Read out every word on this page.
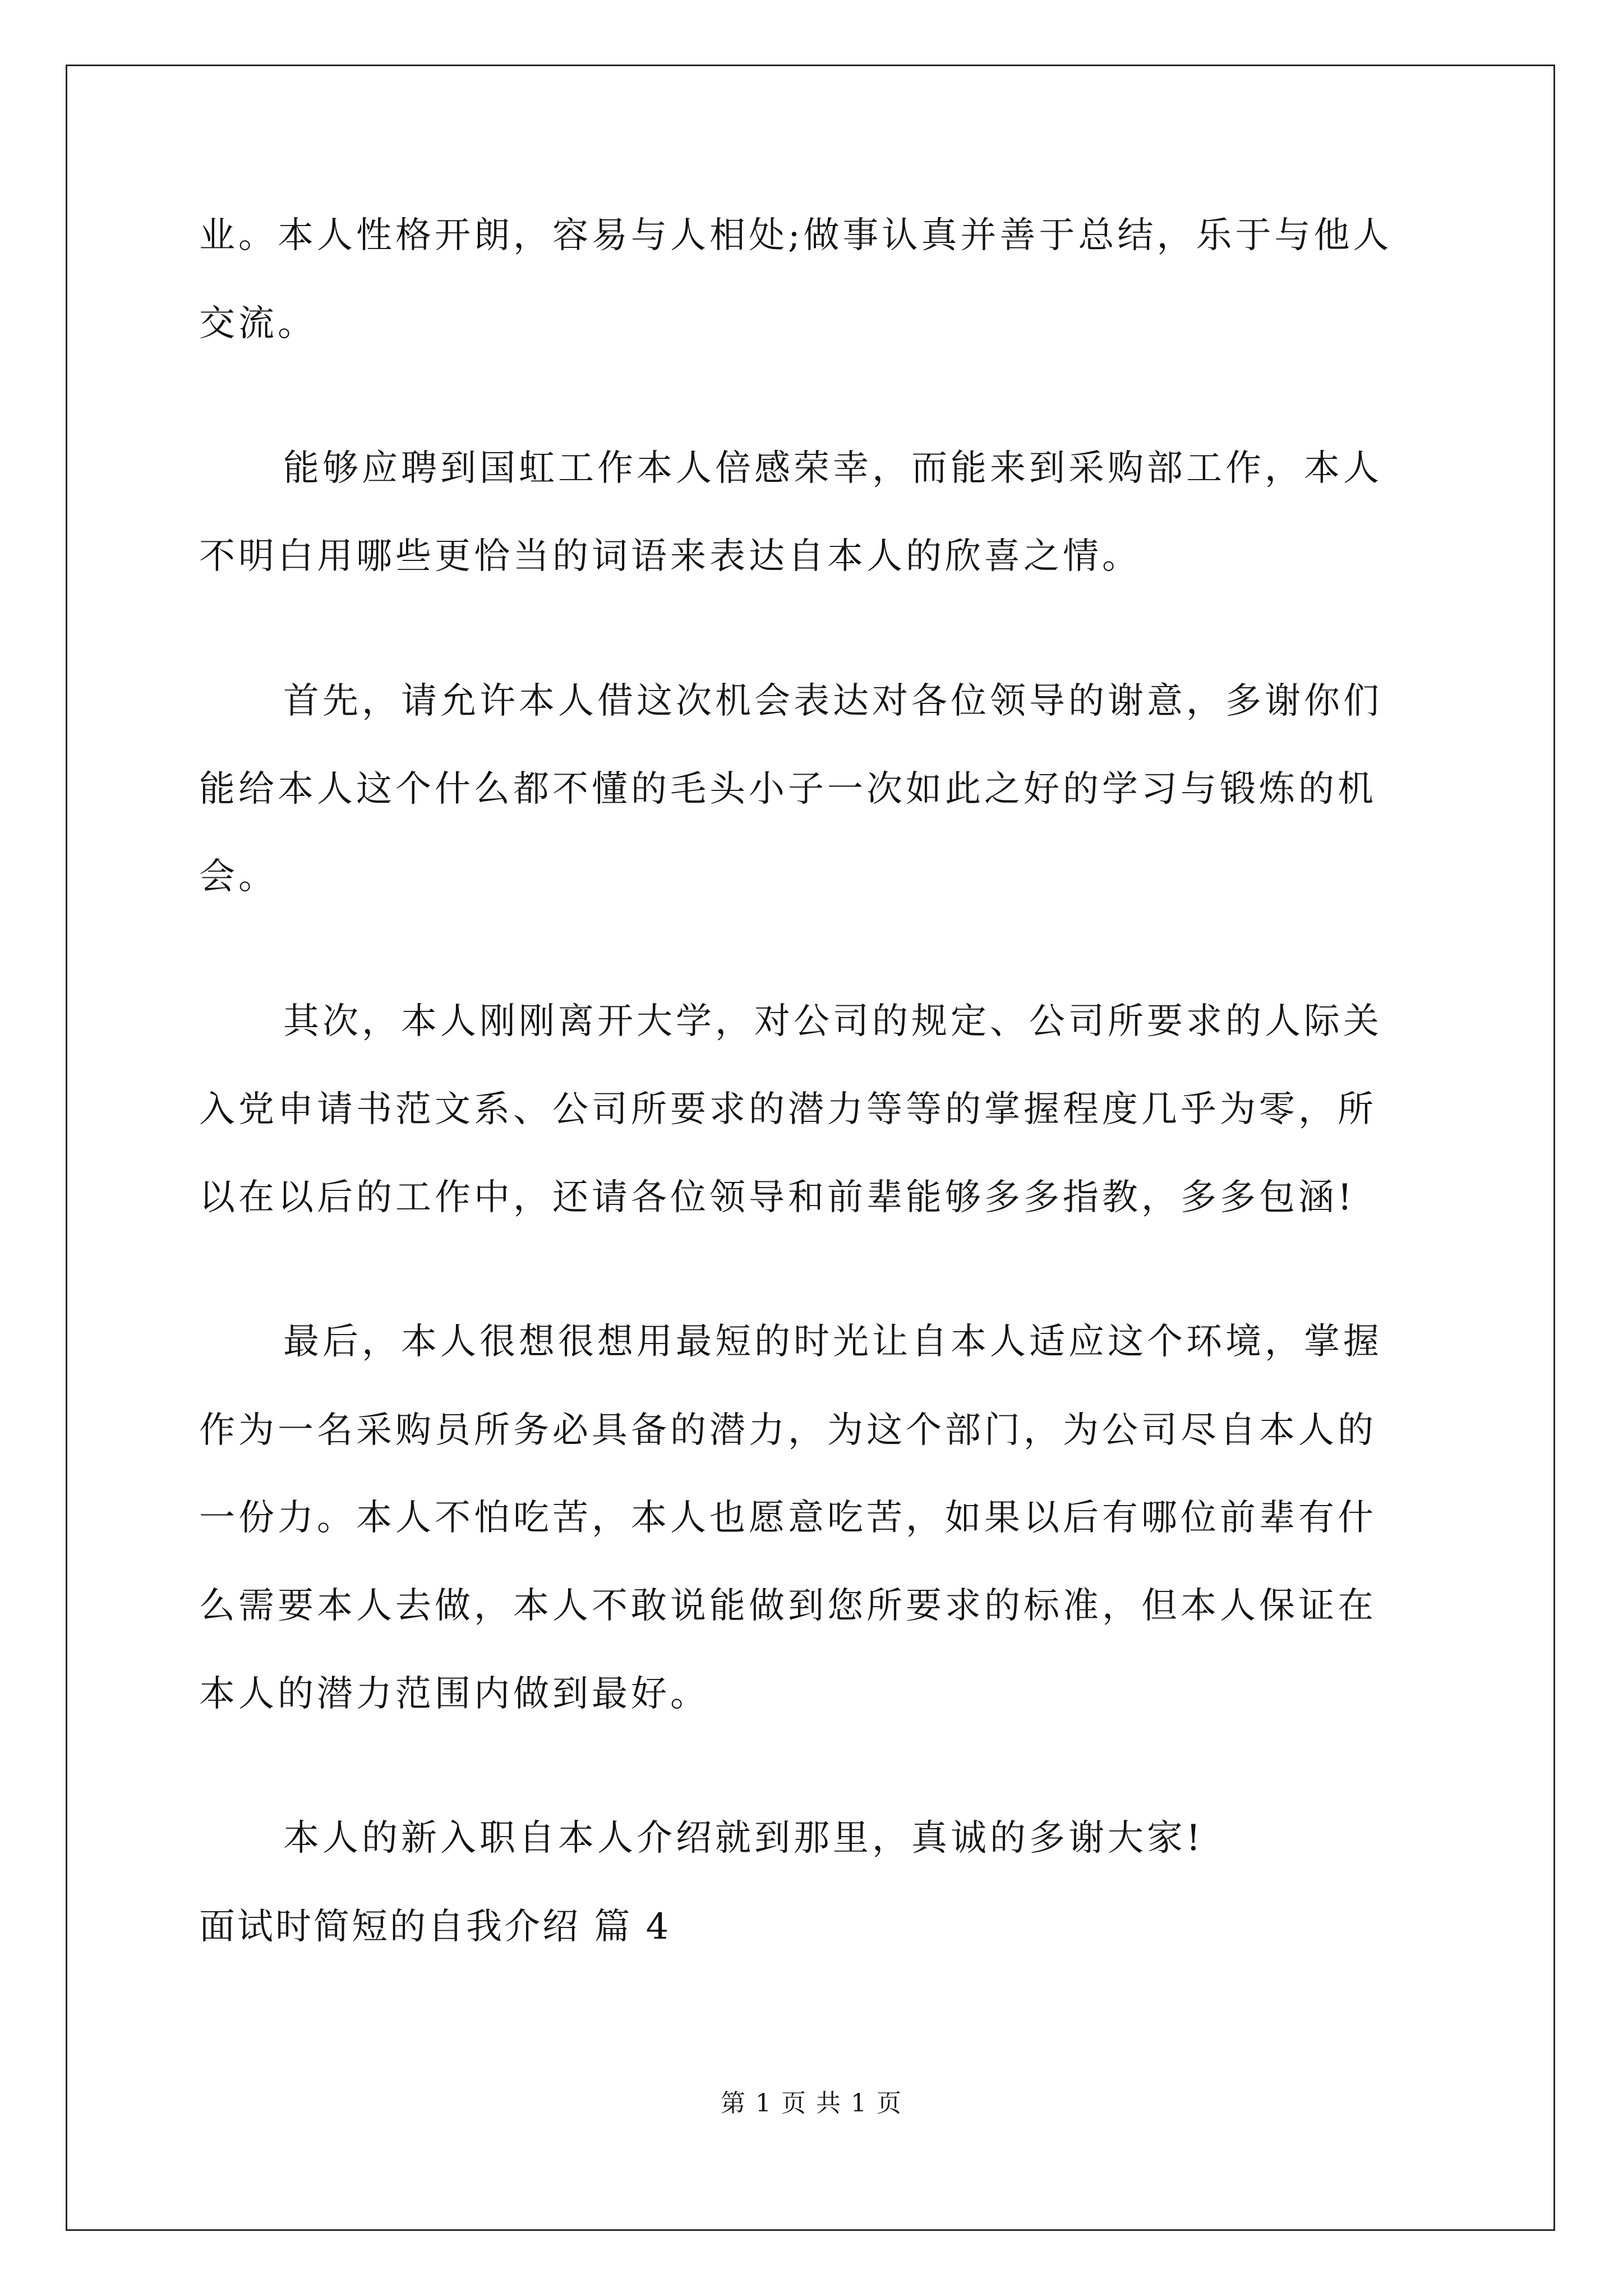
业。本人性格开朗，容易与人相处;做事认真并善于总结，乐于与他人
交流。
能够应聘到国虹工作本人倍感荣幸，而能来到采购部工作，本人
不明白用哪些更恰当的词语来表达自本人的欣喜之情。
首先，请允许本人借这次机会表达对各位领导的谢意，多谢你们
能给本人这个什么都不懂的毛头小子一次如此之好的学习与锻炼的机
会。
其次，本人刚刚离开大学，对公司的规定、公司所要求的人际关
入党申请书范文系、公司所要求的潜力等等的掌握程度几乎为零，所
以在以后的工作中，还请各位领导和前辈能够多多指教，多多包涵!
最后，本人很想很想用最短的时光让自本人适应这个环境，掌握
作为一名采购员所务必具备的潜力，为这个部门，为公司尽自本人的
一份力。本人不怕吃苦，本人也愿意吃苦，如果以后有哪位前辈有什
么需要本人去做，本人不敢说能做到您所要求的标准，但本人保证在
本人的潜力范围内做到最好。
本人的新入职自本人介绍就到那里，真诚的多谢大家!
面试时简短的自我介绍 篇 4
第 1 页 共 1 页
